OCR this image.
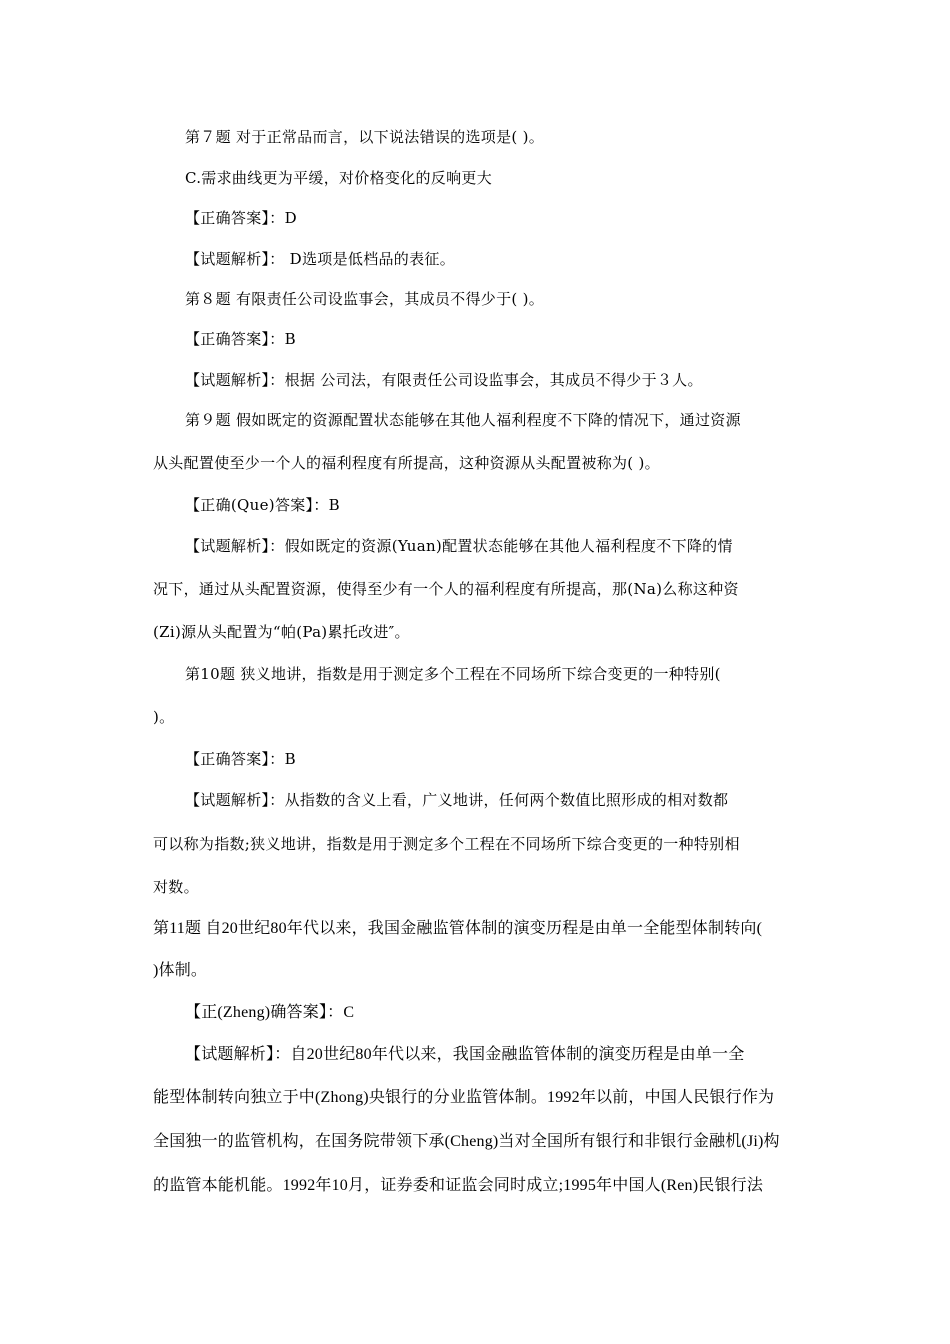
第７题 对于正常品而言，以下说法错误的选项是( )。
C.需求曲线更为平缓，对价格变化的反响更大
【正确答案】：D
【试题解析】： D选项是低档品的表征。
第８题 有限责任公司设监事会，其成员不得少于( )。
【正确答案】：B
【试题解析】：根据 公司法，有限责任公司设监事会，其成员不得少于３人。
第９题 假如既定的资源配置状态能够在其他人福利程度不下降的情况下，通过资源
从头配置使至少一个人的福利程度有所提高，这种资源从头配置被称为( )。
【正确(Que)答案】：B
【试题解析】：假如既定的资源(Yuan)配置状态能够在其他人福利程度不下降的情
况下，通过从头配置资源，使得至少有一个人的福利程度有所提高，那(Na)么称这种资
(Zi)源从头配置为“帕(Pa)累托改进″。
第10题 狭义地讲，指数是用于测定多个工程在不同场所下综合变更的一种特别(
)。
【正确答案】：B
【试题解析】：从指数的含义上看，广义地讲，任何两个数值比照形成的相对数都
可以称为指数;狭义地讲，指数是用于测定多个工程在不同场所下综合变更的一种特别相
对数。
第11题 自20世纪80年代以来，我国金融监管体制的演变历程是由单一全能型体制转向(
)体制。
【正(Zheng)确答案】：C
【试题解析】：自20世纪80年代以来，我国金融监管体制的演变历程是由单一全
能型体制转向独立于中(Zhong)央银行的分业监管体制。1992年以前，中国人民银行作为
全国独一的监管机构，在国务院带领下承(Cheng)当对全国所有银行和非银行金融机(Ji)构
的监管本能机能。1992年10月，证券委和证监会同时成立;1995年中国人(Ren)民银行法
